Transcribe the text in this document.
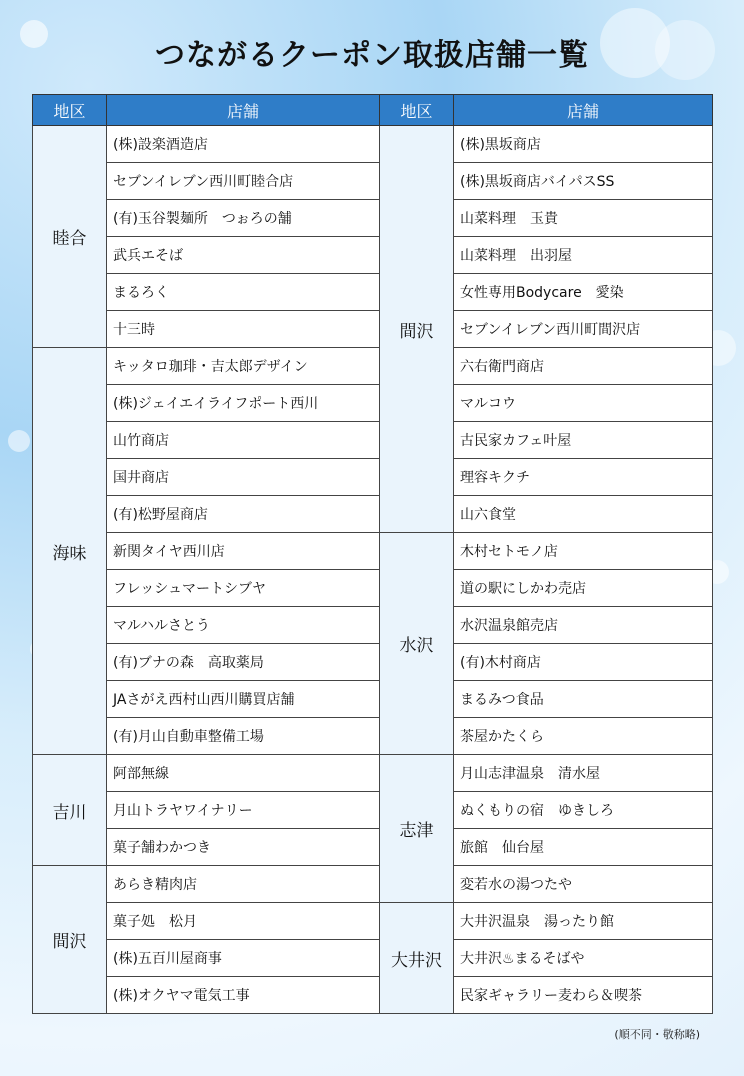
つながるクーポン取扱店舗一覧
地区	店舗	地区	店舗
睦合	(株)設楽酒造店	間沢	(株)黒坂商店
	セブンイレブン西川町睦合店		(株)黒坂商店バイパスSS
	(有)玉谷製麺所　つぉろの舗		山菜料理　玉貴
	武兵エそば		山菜料理　出羽屋
	まるろく		女性専用Bodycare　愛染
	十三時		セブンイレブン西川町間沢店
海味	キッタロ珈琲・吉太郎デザイン		六右衛門商店
	(株)ジェイエイライフポート西川		マルコウ
	山竹商店		古民家カフェ叶屋
	国井商店		理容キクチ
	(有)松野屋商店		山六食堂
	新関タイヤ西川店	水沢	木村セトモノ店
	フレッシュマートシブヤ		道の駅にしかわ売店
	マルハルさとう		水沢温泉館売店
	(有)ブナの森　高取薬局		(有)木村商店
	JAさがえ西村山西川購買店舗		まるみつ食品
	(有)月山自動車整備工場		茶屋かたくら
吉川	阿部無線	志津	月山志津温泉　清水屋
	月山トラヤワイナリー		ぬくもりの宿　ゆきしろ
	菓子舗わかつき		旅館　仙台屋
間沢	あらき精肉店		変若水の湯つたや
	菓子処　松月	大井沢	大井沢温泉　湯ったり館
	(株)五百川屋商事		大井沢♨まるそばや
	(株)オクヤマ電気工事		民家ギャラリー麦わら＆喫茶
(順不同・敬称略)
